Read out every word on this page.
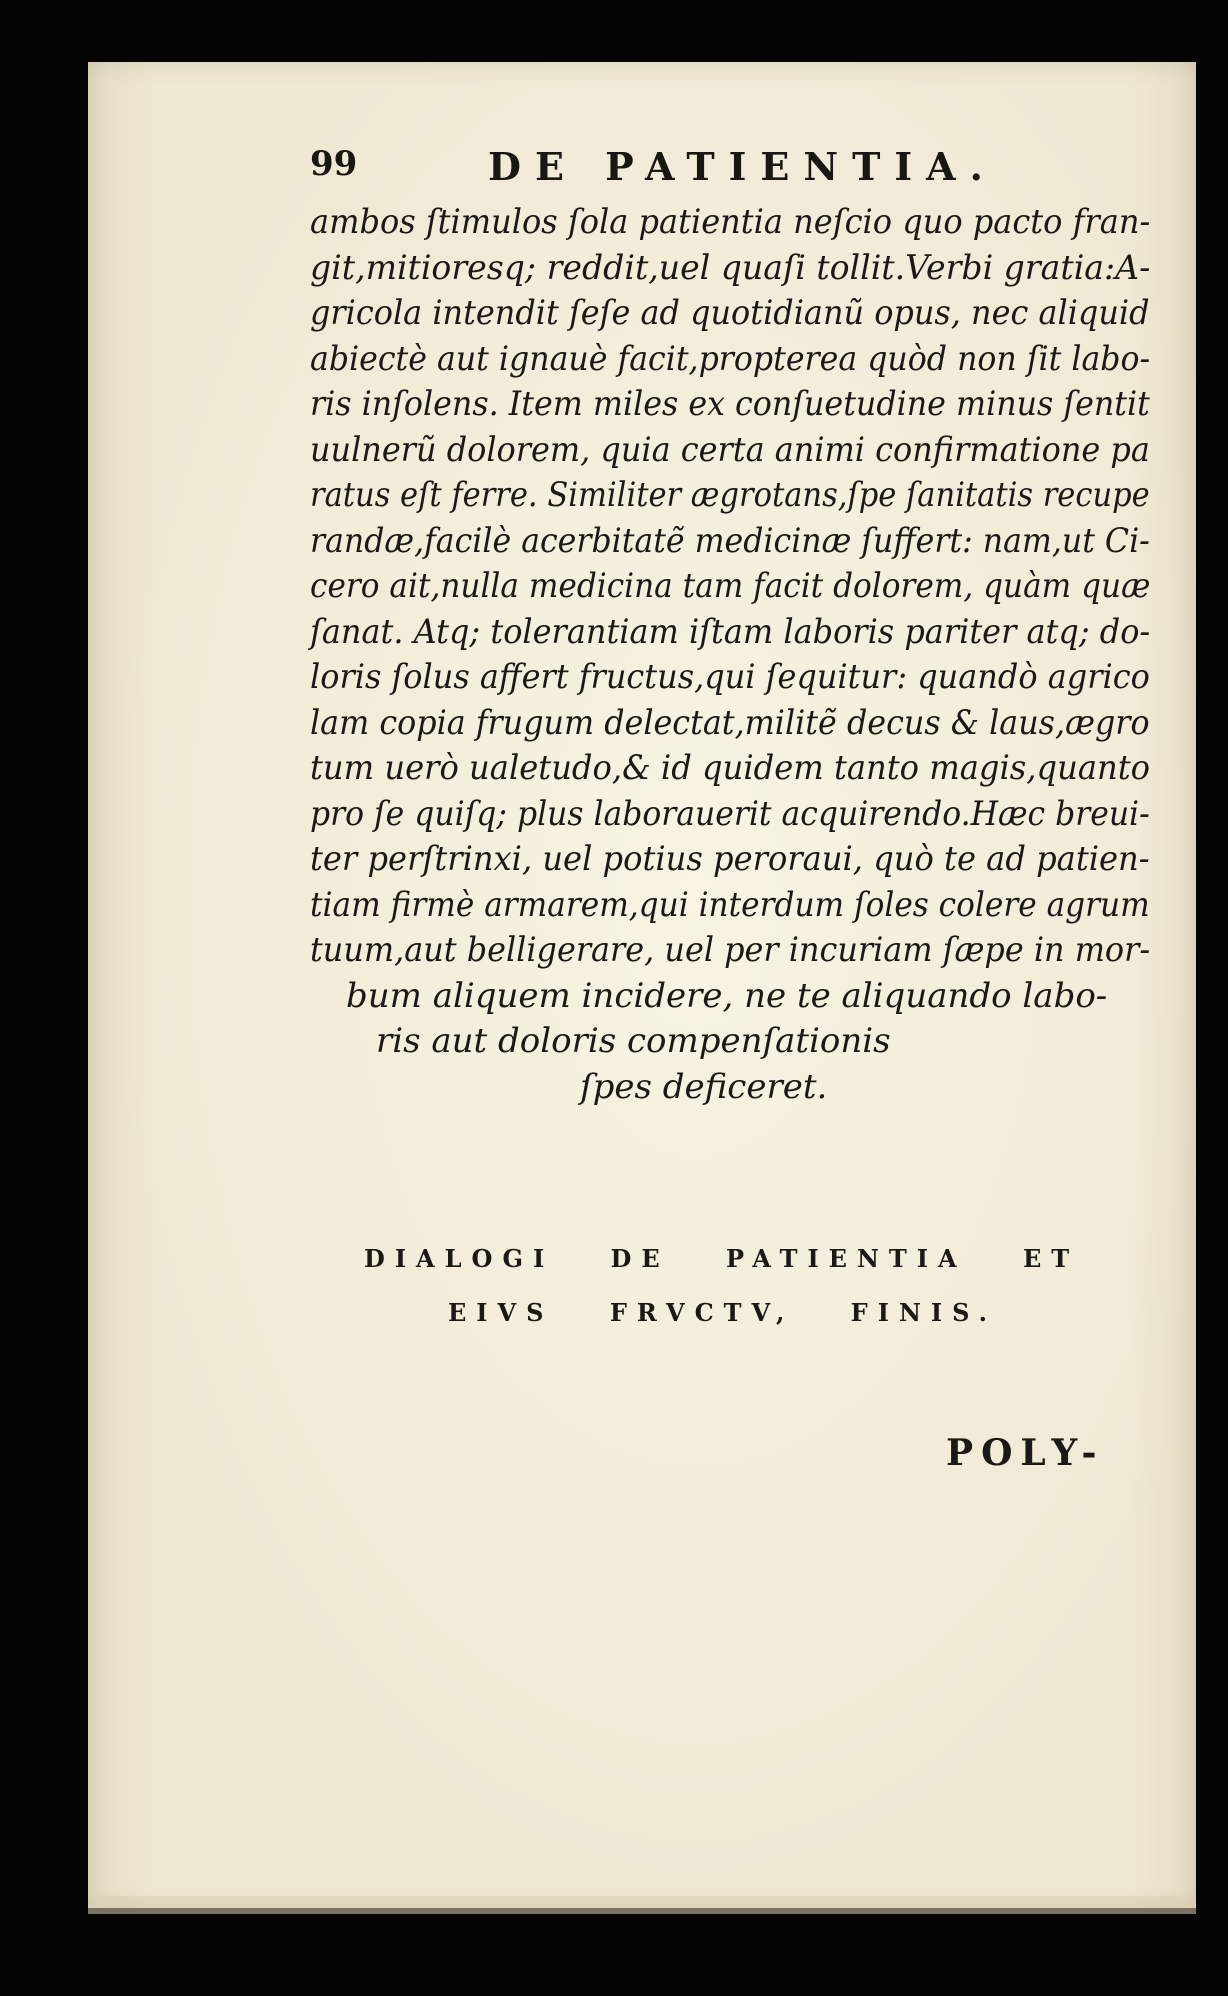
99	DE PATIENTIA.
ambos ſtimulos ſola patientia neſcio quo pacto fran-
git,mitioresq; reddit,uel quaſi tollit.Verbi gratia:A-
gricola intendit ſeſe ad quotidianũ opus, nec aliquid
abiectè aut ignauè facit,propterea quòd non ſit labo-
ris inſolens. Item miles ex conſuetudine minus ſentit
uulnerũ dolorem, quia certa animi confirmatione pa
ratus eſt ferre. Similiter ægrotans,ſpe ſanitatis recupe
randæ,facilè acerbitatẽ medicinæ ſuffert: nam,ut Ci-
cero ait,nulla medicina tam facit dolorem, quàm quæ
ſanat. Atq; tolerantiam iſtam laboris pariter atq; do-
loris ſolus affert fructus,qui ſequitur: quandò agrico
lam copia frugum delectat,militẽ decus & laus,ægro
tum uerò ualetudo,& id quidem tanto magis,quanto
pro ſe quiſq; plus laborauerit acquirendo.Hæc breui-
ter perſtrinxi, uel potius peroraui, quò te ad patien-
tiam firmè armarem,qui interdum ſoles colere agrum
tuum,aut belligerare, uel per incuriam ſæpe in mor-
bum aliquem incidere, ne te aliquando labo-
ris aut doloris compenſationis
ſpes deficeret.
DIALOGI DE PATIENTIA ET
EIVS FRVCTV, FINIS.
POLY-
